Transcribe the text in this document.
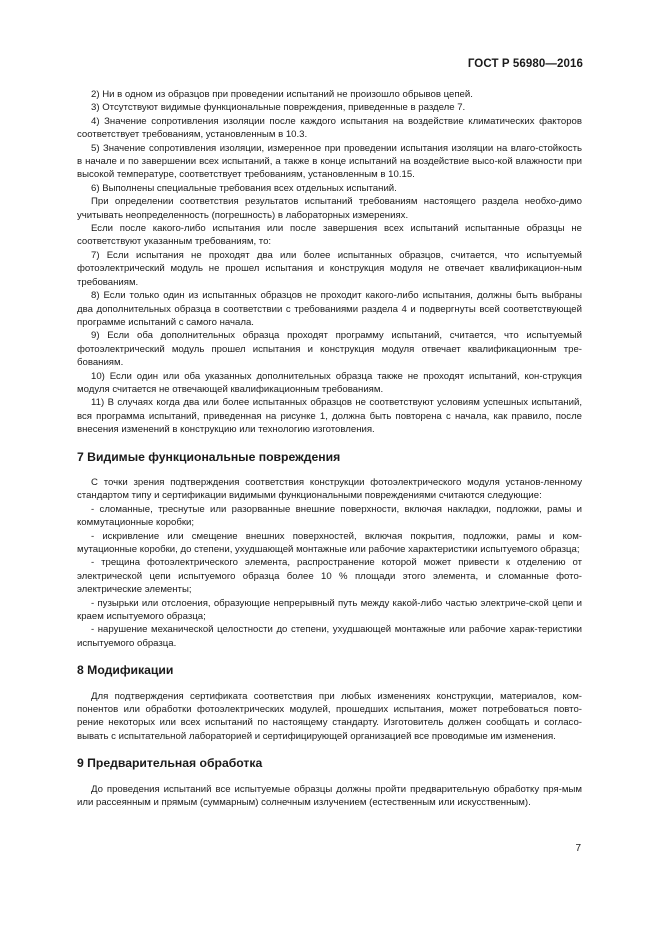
ГОСТ Р 56980—2016

2) Ни в одном из образцов при проведении испытаний не произошло обрывов цепей.

3) Отсутствуют видимые функциональные повреждения, приведенные в разделе 7.

4) Значение сопротивления изоляции после каждого испытания на воздействие климатических факторов соответствует требованиям, установленным в 10.3.

5) Значение сопротивления изоляции, измеренное при проведении испытания изоляции на влаго-стойкость в начале и по завершении всех испытаний, а также в конце испытаний на воздействие высо-кой влажности при высокой температуре, соответствует требованиям, установленным в 10.15.

6) Выполнены специальные требования всех отдельных испытаний.

При определении соответствия результатов испытаний требованиям настоящего раздела необхо-димо учитывать неопределенность (погрешность) в лабораторных измерениях.

Если после какого-либо испытания или после завершения всех испытаний испытанные образцы не соответствуют указанным требованиям, то:

7) Если испытания не проходят два или более испытанных образцов, считается, что испытуемый фотоэлектрический модуль не прошел испытания и конструкция модуля не отвечает квалификацион-ным требованиям.

8) Если только один из испытанных образцов не проходит какого-либо испытания, должны быть выбраны два дополнительных образца в соответствии с требованиями раздела 4 и подвергнуты всей соответствующей программе испытаний с самого начала.

9) Если оба дополнительных образца проходят программу испытаний, считается, что испытуемый фотоэлектрический модуль прошел испытания и конструкция модуля отвечает квалификационным тре-бованиям.

10) Если один или оба указанных дополнительных образца также не проходят испытаний, кон-струкция модуля считается не отвечающей квалификационным требованиям.

11) В случаях когда два или более испытанных образцов не соответствуют условиям успешных испытаний, вся программа испытаний, приведенная на рисунке 1, должна быть повторена с начала, как правило, после внесения изменений в конструкцию или технологию изготовления.

7 Видимые функциональные повреждения

С точки зрения подтверждения соответствия конструкции фотоэлектрического модуля установ-ленному стандартом типу и сертификации видимыми функциональными повреждениями считаются следующие:

- сломанные, треснутые или разорванные внешние поверхности, включая накладки, подложки, рамы и коммутационные коробки;

- искривление или смещение внешних поверхностей, включая покрытия, подложки, рамы и ком-мутационные коробки, до степени, ухудшающей монтажные или рабочие характеристики испытуемого образца;

- трещина фотоэлектрического элемента, распространение которой может привести к отделению от электрической цепи испытуемого образца более 10 % площади этого элемента, и сломанные фото-электрические элементы;

- пузырьки или отслоения, образующие непрерывный путь между какой-либо частью электриче-ской цепи и краем испытуемого образца;

- нарушение механической целостности до степени, ухудшающей монтажные или рабочие харак-теристики испытуемого образца.

8 Модификации

Для подтверждения сертификата соответствия при любых изменениях конструкции, материалов, ком-понентов или обработки фотоэлектрических модулей, прошедших испытания, может потребоваться повто-рение некоторых или всех испытаний по настоящему стандарту. Изготовитель должен сообщать и согласо-вывать с испытательной лабораторией и сертифицирующей организацией все проводимые им изменения.

9 Предварительная обработка

До проведения испытаний все испытуемые образцы должны пройти предварительную обработку пря-мым или рассеянным и прямым (суммарным) солнечным излучением (естественным или искусственным).

7
